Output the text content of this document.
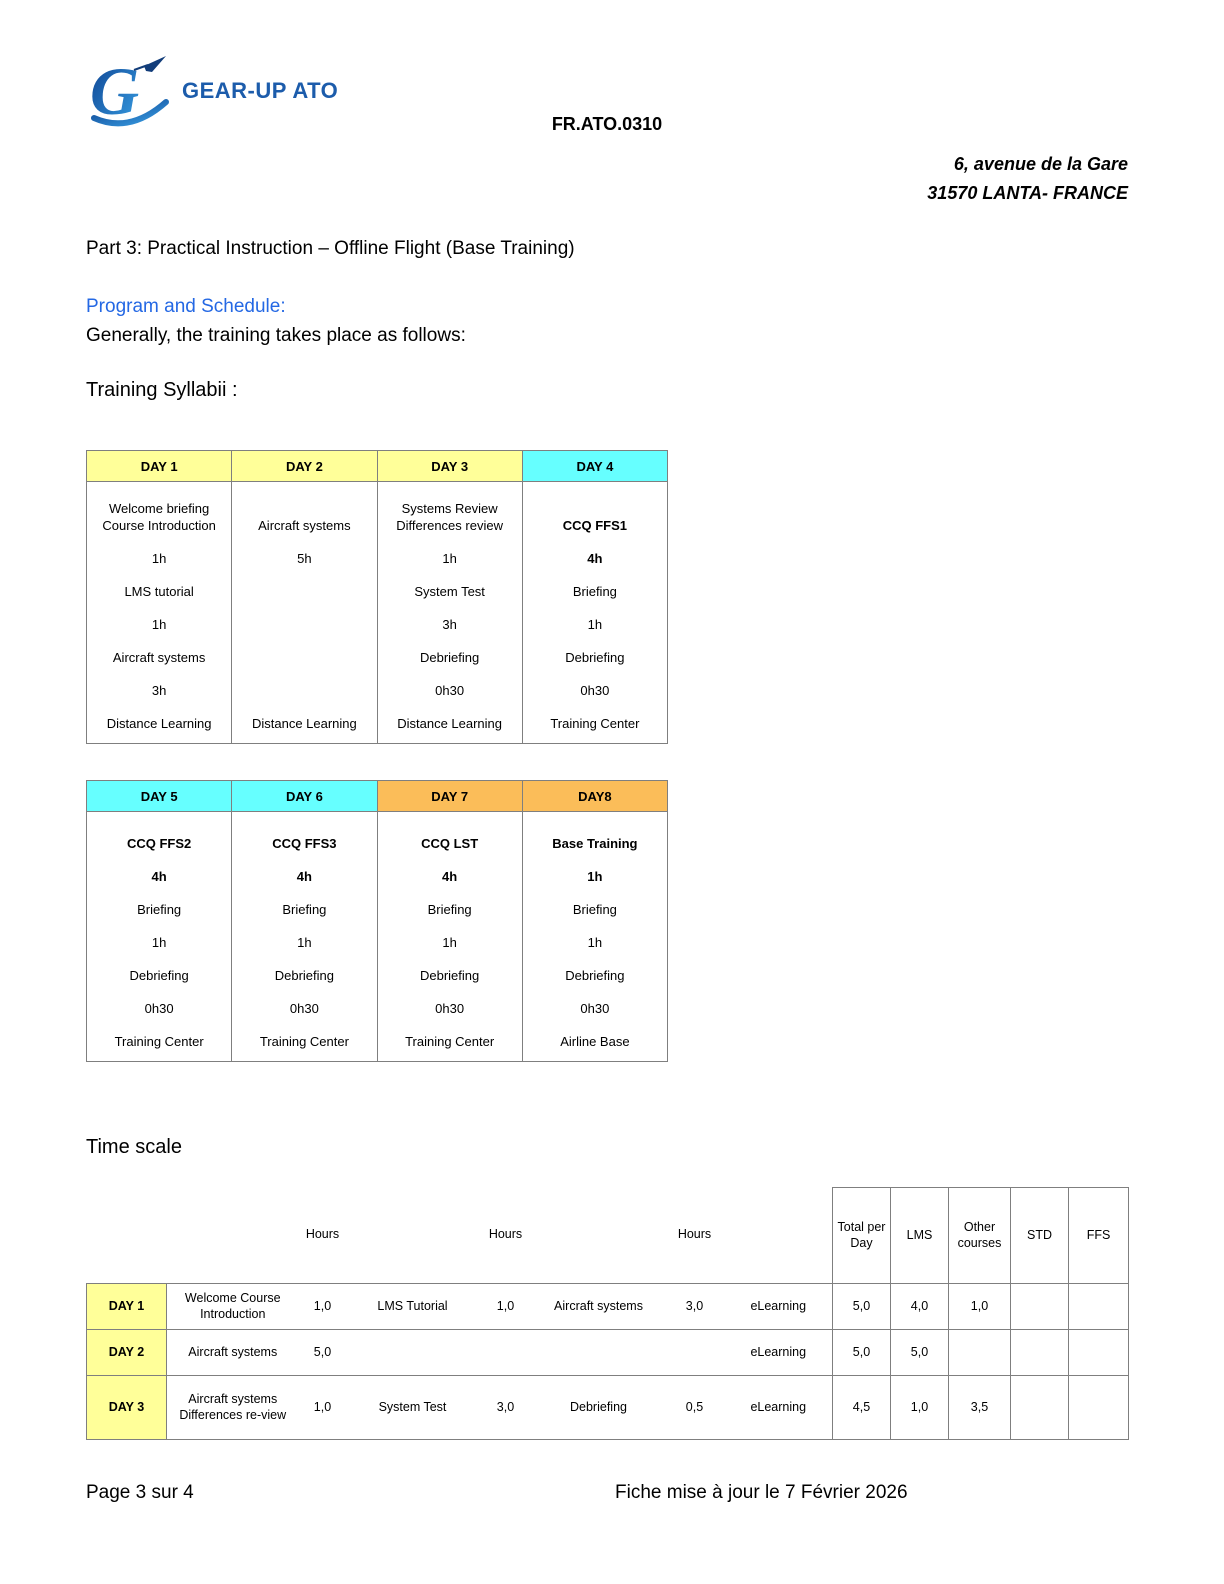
G GEAR-UP ATO
FR.ATO.0310
6, avenue de la Gare
31570 LANTA- FRANCE
Part 3: Practical Instruction – Offline Flight (Base Training)
Program and Schedule:
Generally, the training takes place as follows:
Training Syllabii :
DAY 1	DAY 2	DAY 3	DAY 4

Welcome briefing Course Introduction
1h
LMS tutorial
1h
Aircraft systems
3h
Distance Learning

Aircraft systems
5h
Distance Learning

Systems Review Differences review
1h
System Test
3h
Debriefing
0h30
Distance Learning

CCQ FFS1
4h
Briefing
1h
Debriefing
0h30
Training Center
DAY 5	DAY 6	DAY 7	DAY8

CCQ FFS2
4h
Briefing
1h
Debriefing
0h30
Training Center

CCQ FFS3
4h
Briefing
1h
Debriefing
0h30
Training Center

CCQ LST
4h
Briefing
1h
Debriefing
0h30
Training Center

Base Training
1h
Briefing
1h
Debriefing
0h30
Airline Base
Time scale
		Hours		Hours		Hours		Total per Day	LMS	Other courses	STD	FFS
DAY 1	Welcome Course Introduction	1,0	LMS Tutorial	1,0	Aircraft systems	3,0	eLearning	5,0	4,0	1,0		
DAY 2	Aircraft systems	5,0					eLearning	5,0	5,0			
DAY 3	Aircraft systems Differences re-view	1,0	System Test	3,0	Debriefing	0,5	eLearning	4,5	1,0	3,5		
Page 3 sur 4	Fiche mise à jour le 7 Février 2026
